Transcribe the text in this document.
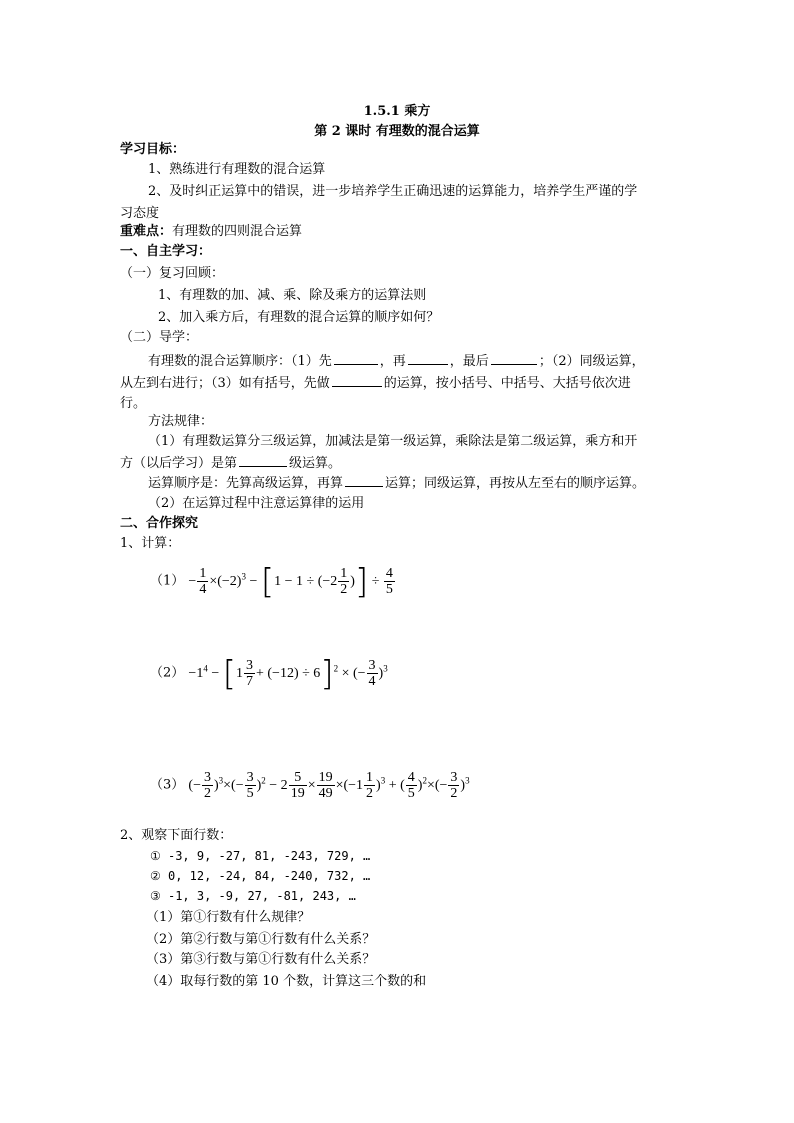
1.5.1 乘方
第 2 课时 有理数的混合运算
学习目标：
1、熟练进行有理数的混合运算
2、及时纠正运算中的错误，进一步培养学生正确迅速的运算能力，培养学生严谨的学
习态度
重难点：有理数的四则混合运算
一、自主学习：
（一）复习回顾：
1、有理数的加、减、乘、除及乘方的运算法则
2、加入乘方后，有理数的混合运算的顺序如何？
（二）导学：
有理数的混合运算顺序：（1）先	，再	，最后	；（2）同级运算，
从左到右进行；（3）如有括号，先做	的运算，按小括号、中括号、大括号依次进
行。
方法规律：
（1）有理数运算分三级运算，加减法是第一级运算，乘除法是第二级运算，乘方和开
方（以后学习）是第	级运算。
运算顺序是：先算高级运算，再算	运算；同级运算，再按从左至右的顺序运算。
（2）在运算过程中注意运算律的运用
二、合作探究
1、计算：
$(1) - \frac{1}{4} \times(-2)^3 - [1 - 1 \div (-2 \frac{1}{2}$ )] ÷ $\frac{4}{5}$
$(2) -1^4 - [1 \frac{3}{7} + (-12) \div 6]^2$ × (− $\frac{3}{4} )^3$
（3） (− $\frac{3}{2} )^3\times(- \frac{3}{5} )^2 - 2 \frac{5}{19} \times \frac{19}{49} \times(-1 \frac{1}{2} )^3$ + ( $\frac{4}{5} )^2\times(- \frac{3}{2} )^3$
2、观察下面行数：
① -3, 9, -27, 81, -243, 729, …
② 0, 12, -24, 84, -240, 732, …
③ -1, 3, -9, 27, -81, 243, …
（1）第①行数有什么规律？
（2）第②行数与第①行数有什么关系？
（3）第③行数与第①行数有什么关系？
（4）取每行数的第 10 个数，计算这三个数的和
